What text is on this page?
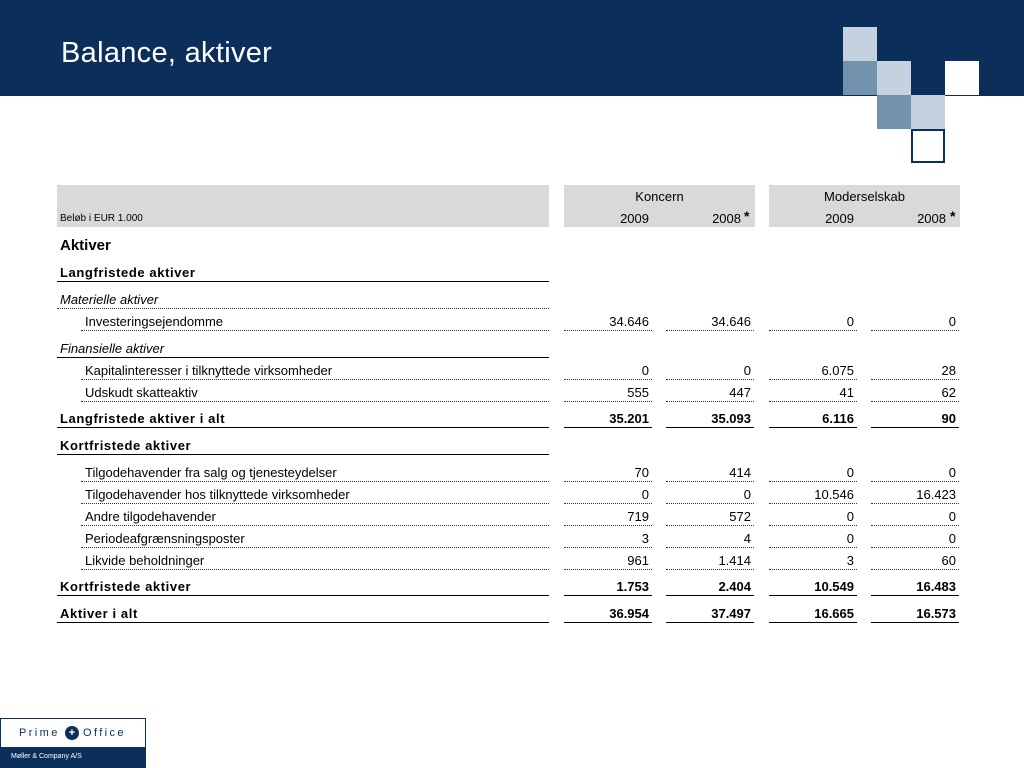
Balance, aktiver
Beløb i EUR 1.000
Koncern	Moderselskab
2009	2008 *	2009	2008 *
Aktiver
Langfristede aktiver
Materielle aktiver
Investeringsejendomme	34.646	34.646	0	0
Finansielle aktiver
Kapitalinteresser i tilknyttede virksomheder	0	0	6.075	28
Udskudt skatteaktiv	555	447	41	62
Langfristede aktiver i alt	35.201	35.093	6.116	90
Kortfristede aktiver
Tilgodehavender fra salg og tjenesteydelser	70	414	0	0
Tilgodehavender hos tilknyttede virksomheder	0	0	10.546	16.423
Andre tilgodehavender	719	572	0	0
Periodeafgrænsningsposter	3	4	0	0
Likvide beholdninger	961	1.414	3	60
Kortfristede aktiver	1.753	2.404	10.549	16.483
Aktiver i alt	36.954	37.497	16.665	16.573
Prime + Office
Møller & Company A/S
